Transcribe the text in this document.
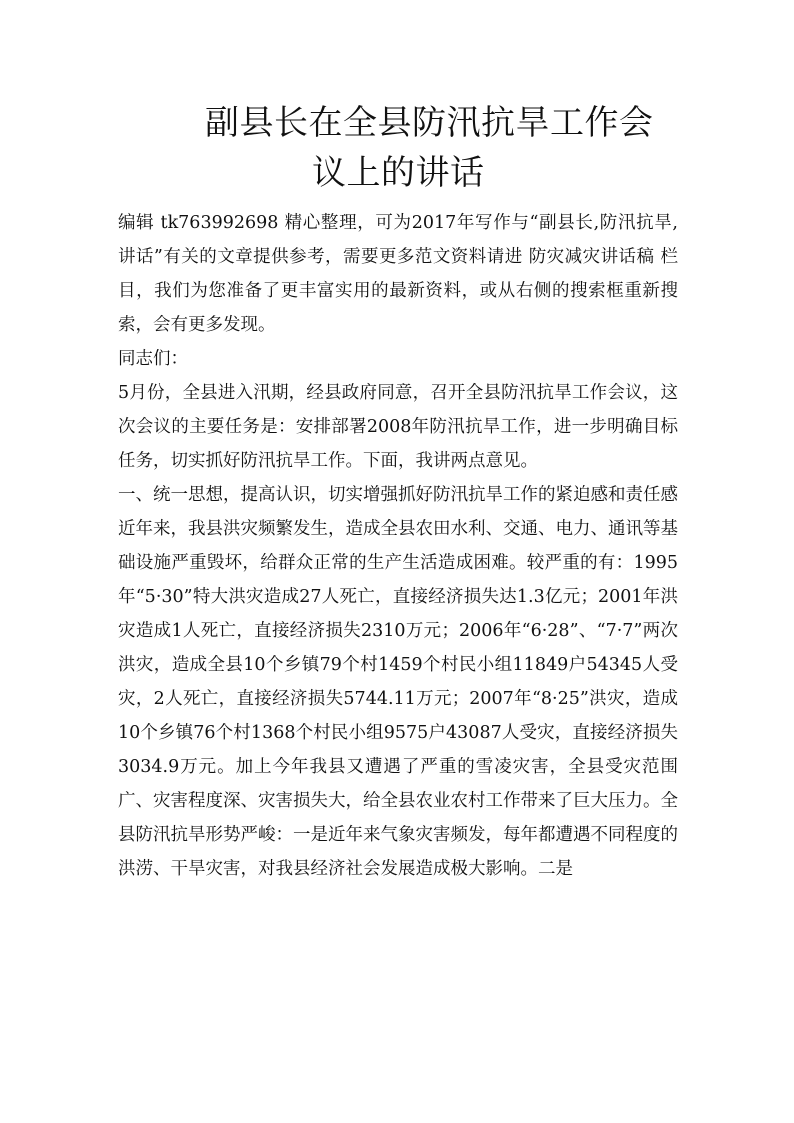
副县长在全县防汛抗旱工作会
议上的讲话

编辑 tk763992698 精心整理，可为2017年写作与“副县长,防汛抗旱,讲话”有关的文章提供参考，需要更多范文资料请进 防灾减灾讲话稿 栏目，我们为您准备了更丰富实用的最新资料，或从右侧的搜索框重新搜索，会有更多发现。

同志们：

5月份，全县进入汛期，经县政府同意，召开全县防汛抗旱工作会议，这次会议的主要任务是：安排部署2008年防汛抗旱工作，进一步明确目标任务，切实抓好防汛抗旱工作。下面，我讲两点意见。

一、统一思想，提高认识，切实增强抓好防汛抗旱工作的紧迫感和责任感

近年来，我县洪灾频繁发生，造成全县农田水利、交通、电力、通讯等基础设施严重毁坏，给群众正常的生产生活造成困难。较严重的有：1995年“5·30”特大洪灾造成27人死亡，直接经济损失达1.3亿元；2001年洪灾造成1人死亡，直接经济损失2310万元；2006年“6·28”、“7·7”两次洪灾，造成全县10个乡镇79个村1459个村民小组11849户54345人受灾，2人死亡，直接经济损失5744.11万元；2007年“8·25”洪灾，造成10个乡镇76个村1368个村民小组9575户43087人受灾，直接经济损失3034.9万元。加上今年我县又遭遇了严重的雪凌灾害，全县受灾范围广、灾害程度深、灾害损失大，给全县农业农村工作带来了巨大压力。全县防汛抗旱形势严峻：一是近年来气象灾害频发，每年都遭遇不同程度的洪涝、干旱灾害，对我县经济社会发展造成极大影响。二是
